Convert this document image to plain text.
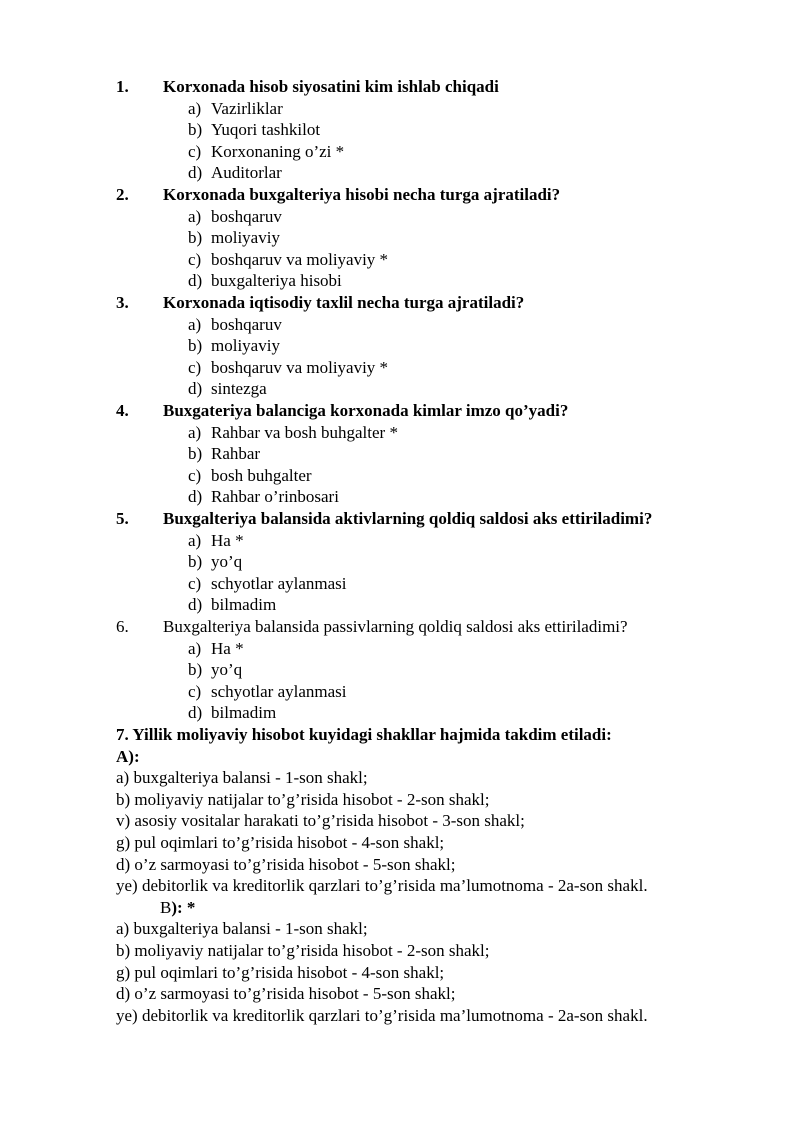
1. Korxonada hisob siyosatini kim ishlab chiqadi
a) Vazirliklar
b) Yuqori tashkilot
c) Korxonaning o’zi *
d) Auditorlar
2. Korxonada buxgalteriya hisobi necha turga ajratiladi?
a) boshqaruv
b) moliyaviy
c) boshqaruv va moliyaviy *
d) buxgalteriya hisobi
3. Korxonada iqtisodiy taxlil necha turga ajratiladi?
a) boshqaruv
b) moliyaviy
c) boshqaruv va moliyaviy *
d) sintezga
4. Buxgateriya balanciga korxonada kimlar imzo qo’yadi?
a) Rahbar va bosh buhgalter *
b) Rahbar
c) bosh buhgalter
d) Rahbar o’rinbosari
5. Buxgalteriya balansida aktivlarning qoldiq saldosi aks ettiriladimi?
a) Ha *
b) yo’q
c) schyotlar aylanmasi
d) bilmadim
6. Buxgalteriya balansida passivlarning qoldiq saldosi aks ettiriladimi?
a) Ha *
b) yo’q
c) schyotlar aylanmasi
d) bilmadim
7. Yillik moliyaviy hisobot kuyidagi shakllar hajmida takdim etiladi:
A):
a) buxgalteriya balansi - 1-son shakl;
b) moliyaviy natijalar to’g’risida hisobot - 2-son shakl;
v) asosiy vositalar harakati to’g’risida hisobot - 3-son shakl;
g) pul oqimlari to’g’risida hisobot - 4-son shakl;
d) o’z sarmoyasi to’g’risida hisobot - 5-son shakl;
ye) debitorlik va kreditorlik qarzlari to’g’risida ma’lumotnoma - 2a-son shakl.
B): *
a) buxgalteriya balansi - 1-son shakl;
b) moliyaviy natijalar to’g’risida hisobot - 2-son shakl;
g) pul oqimlari to’g’risida hisobot - 4-son shakl;
d) o’z sarmoyasi to’g’risida hisobot - 5-son shakl;
ye) debitorlik va kreditorlik qarzlari to’g’risida ma’lumotnoma - 2a-son shakl.
